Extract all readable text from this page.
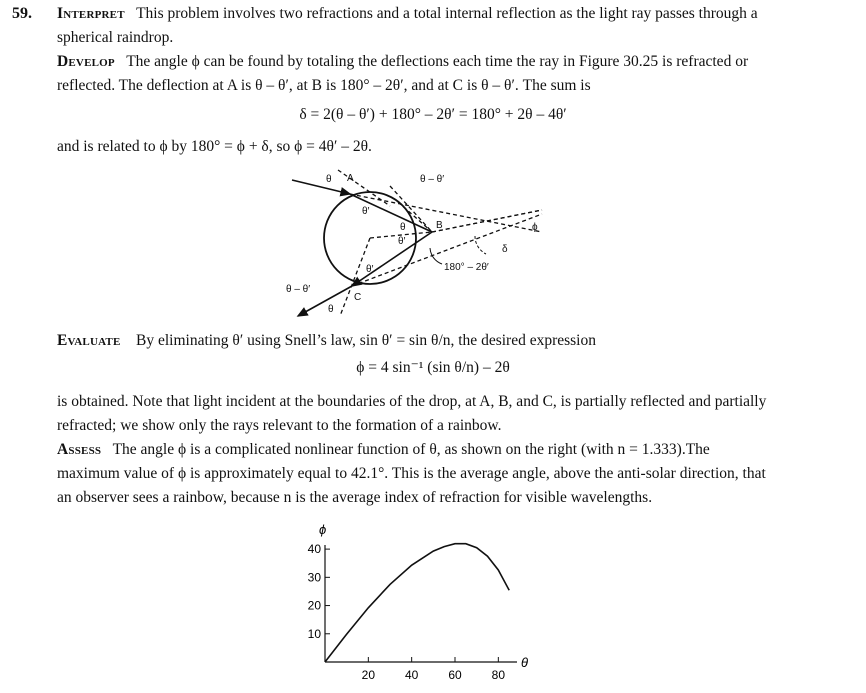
59. Interpret This problem involves two refractions and a total internal reflection as the light ray passes through a
spherical raindrop.
Develop The angle ϕ can be found by totaling the deflections each time the ray in Figure 30.25 is refracted or
reflected. The deflection at A is θ – θ′, at B is 180° – 2θ′, and at C is θ – θ′. The sum is
δ = 2(θ – θ′) + 180° – 2θ′ = 180° + 2θ – 4θ′
and is related to ϕ by 180° = ϕ + δ, so ϕ = 4θ′ – 2θ.
θ A
θ′
θ – θ′
B
θ
θ′
δ
ϕ
180° – 2θ′
θ′
C
θ – θ′
θ
Evaluate By eliminating θ′ using Snell’s law, sin θ′ = sin θ/n, the desired expression
ϕ = 4 sin⁻¹ (sin θ/n) – 2θ
is obtained. Note that light incident at the boundaries of the drop, at A, B, and C, is partially reflected and partially
refracted; we show only the rays relevant to the formation of a rainbow.
Assess The angle ϕ is a complicated nonlinear function of θ, as shown on the right (with n = 1.333).The
maximum value of ϕ is approximately equal to 42.1°. This is the average angle, above the anti-solar direction, that
an observer sees a rainbow, because n is the average index of refraction for visible wavelengths.
ϕ
θ
10
20
30
40
20 40 60 80
